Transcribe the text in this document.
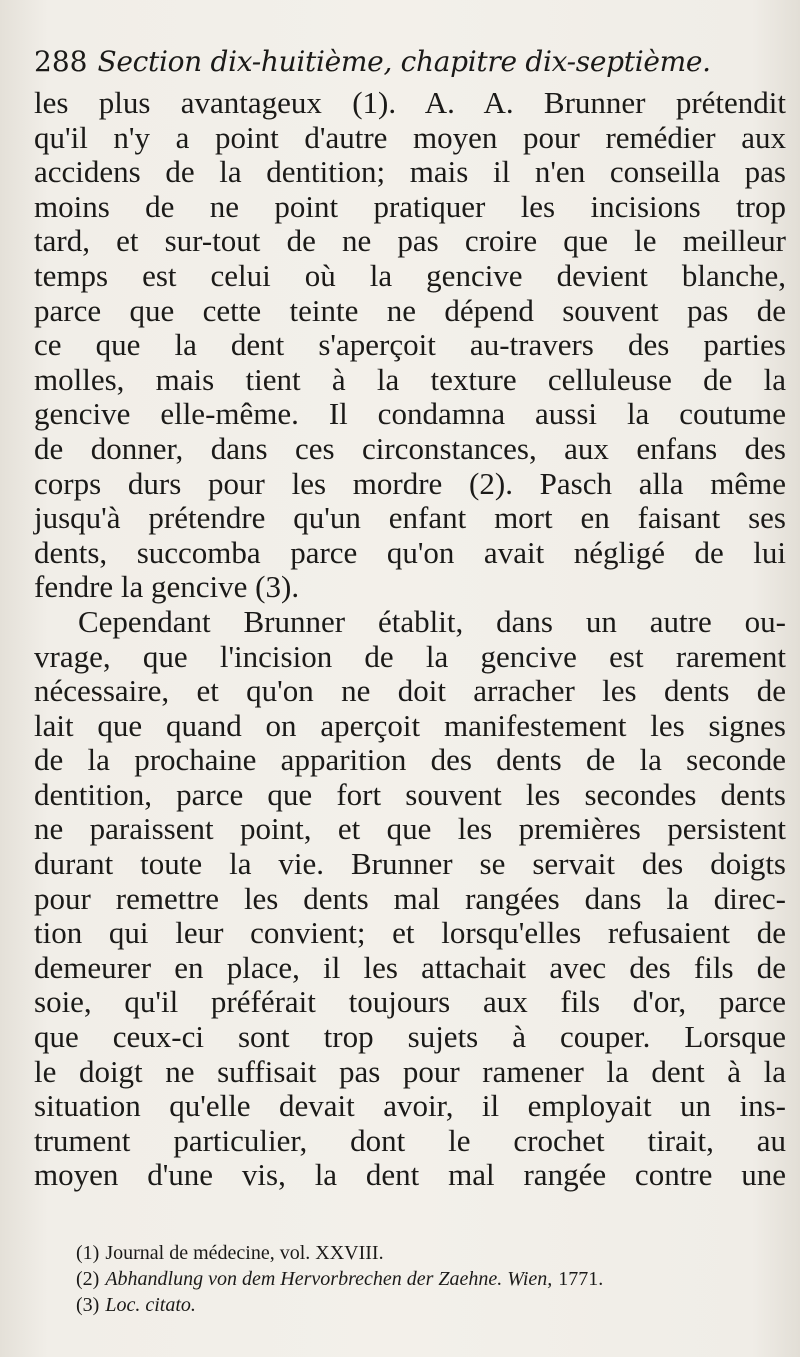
288 Section dix-huitième, chapitre dix-septième.
les plus avantageux (1). A. A. Brunner prétendit
qu'il n'y a point d'autre moyen pour remédier aux
accidens de la dentition; mais il n'en conseilla pas
moins de ne point pratiquer les incisions trop
tard, et sur-tout de ne pas croire que le meilleur
temps est celui où la gencive devient blanche,
parce que cette teinte ne dépend souvent pas de
ce que la dent s'aperçoit au-travers des parties
molles, mais tient à la texture celluleuse de la
gencive elle-même. Il condamna aussi la coutume
de donner, dans ces circonstances, aux enfans des
corps durs pour les mordre (2). Pasch alla même
jusqu'à prétendre qu'un enfant mort en faisant ses
dents, succomba parce qu'on avait négligé de lui
fendre la gencive (3).
Cependant Brunner établit, dans un autre ou-
vrage, que l'incision de la gencive est rarement
nécessaire, et qu'on ne doit arracher les dents de
lait que quand on aperçoit manifestement les signes
de la prochaine apparition des dents de la seconde
dentition, parce que fort souvent les secondes dents
ne paraissent point, et que les premières persistent
durant toute la vie. Brunner se servait des doigts
pour remettre les dents mal rangées dans la direc-
tion qui leur convient; et lorsqu'elles refusaient de
demeurer en place, il les attachait avec des fils de
soie, qu'il préférait toujours aux fils d'or, parce
que ceux-ci sont trop sujets à couper. Lorsque
le doigt ne suffisait pas pour ramener la dent à la
situation qu'elle devait avoir, il employait un ins-
trument particulier, dont le crochet tirait, au
moyen d'une vis, la dent mal rangée contre une
(1) Journal de médecine, vol. XXVIII.
(2) Abhandlung von dem Hervorbrechen der Zaehne. Wien, 1771.
(3) Loc. citato.
